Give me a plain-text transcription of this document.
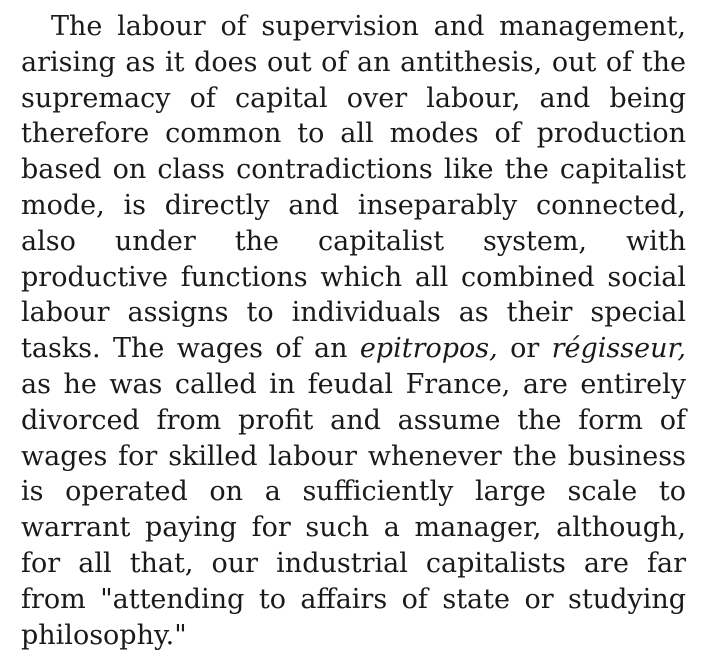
The labour of supervision and management, arising as it does out of an antithesis, out of the supremacy of capital over labour, and being therefore common to all modes of production based on class contradictions like the capitalist mode, is directly and inseparably connected, also under the capitalist system, with productive functions which all combined social labour assigns to individuals as their special tasks. The wages of an epitropos, or régisseur, as he was called in feudal France, are entirely divorced from profit and assume the form of wages for skilled labour whenever the business is operated on a sufficiently large scale to warrant paying for such a manager, although, for all that, our industrial capitalists are far from "attending to affairs of state or studying philosophy."
